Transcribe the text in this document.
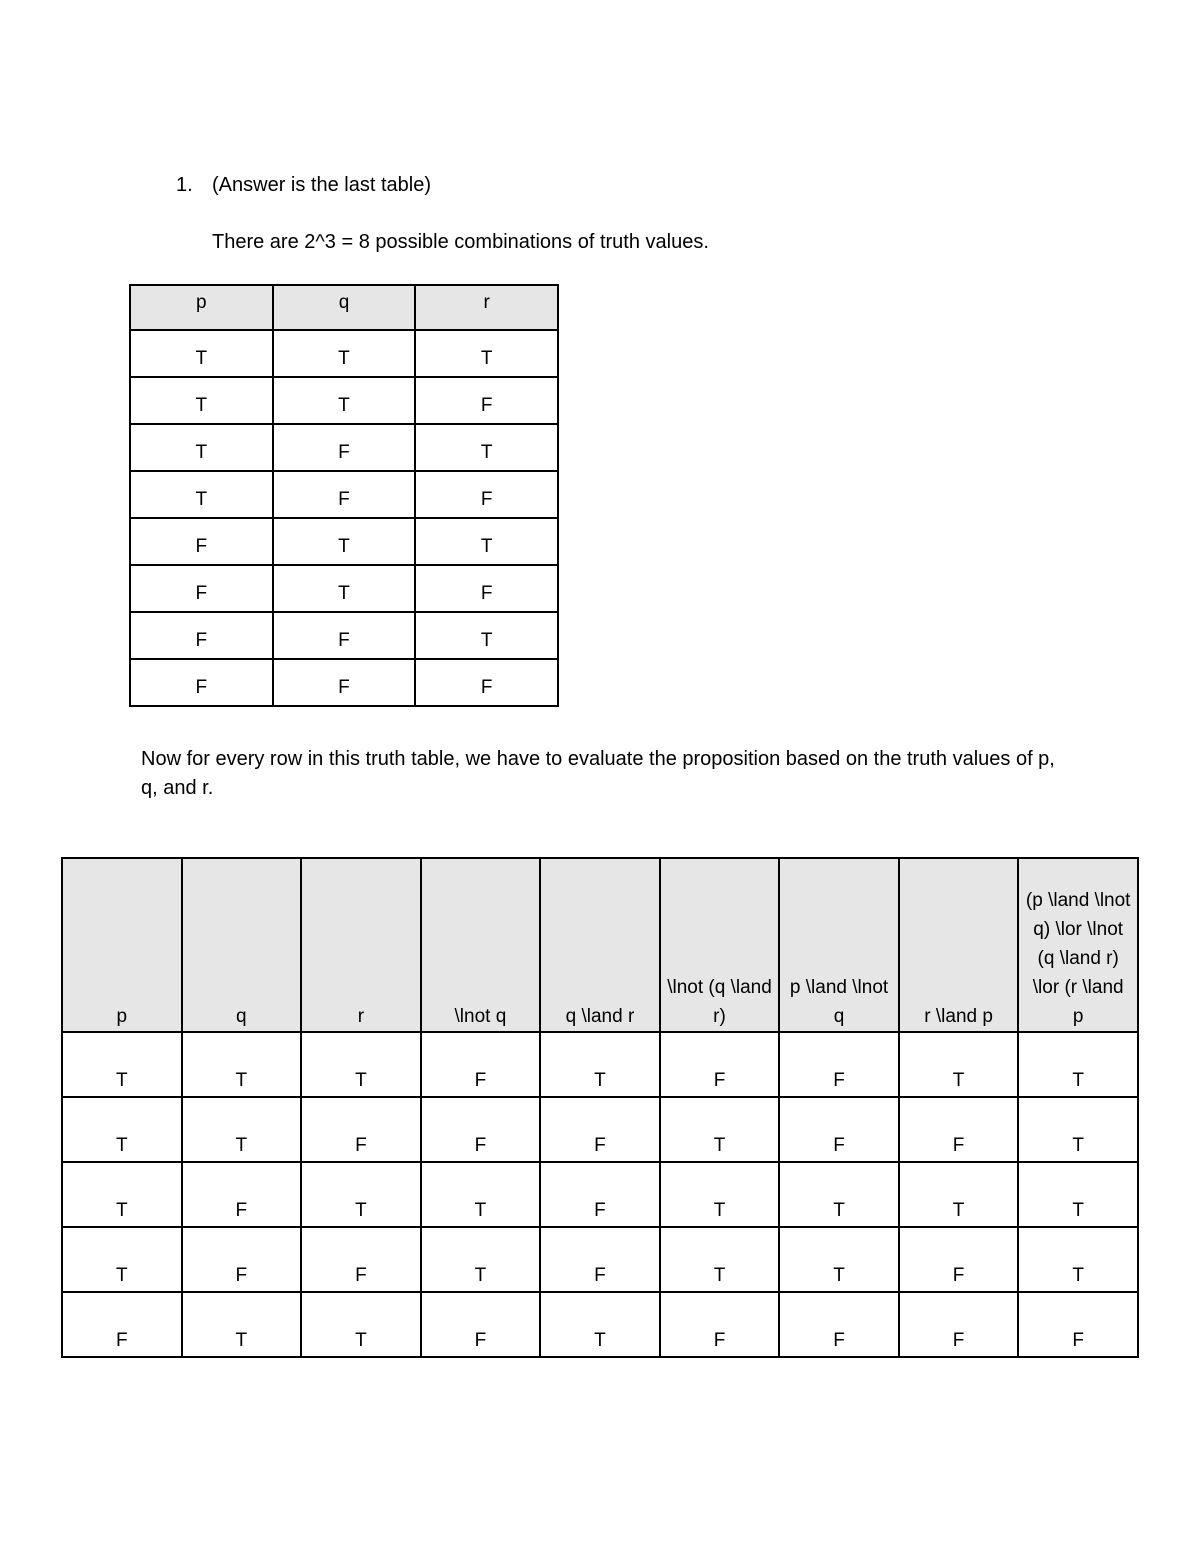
1. (Answer is the last table)
There are 2^3 = 8 possible combinations of truth values.
p	q	r
T	T	T
T	T	F
T	F	T
T	F	F
F	T	T
F	T	F
F	F	T
F	F	F
Now for every row in this truth table, we have to evaluate the proposition based on the truth values of p, q, and r.
p	q	r	\lnot q	q \land r	\lnot (q \land r)	p \land \lnot q	r \land p	(p \land \lnot q) \lor \lnot (q \land r) \lor (r \land p
T	T	T	F	T	F	F	T	T
T	T	F	F	F	T	F	F	T
T	F	T	T	F	T	T	T	T
T	F	F	T	F	T	T	F	T
F	T	T	F	T	F	F	F	F
